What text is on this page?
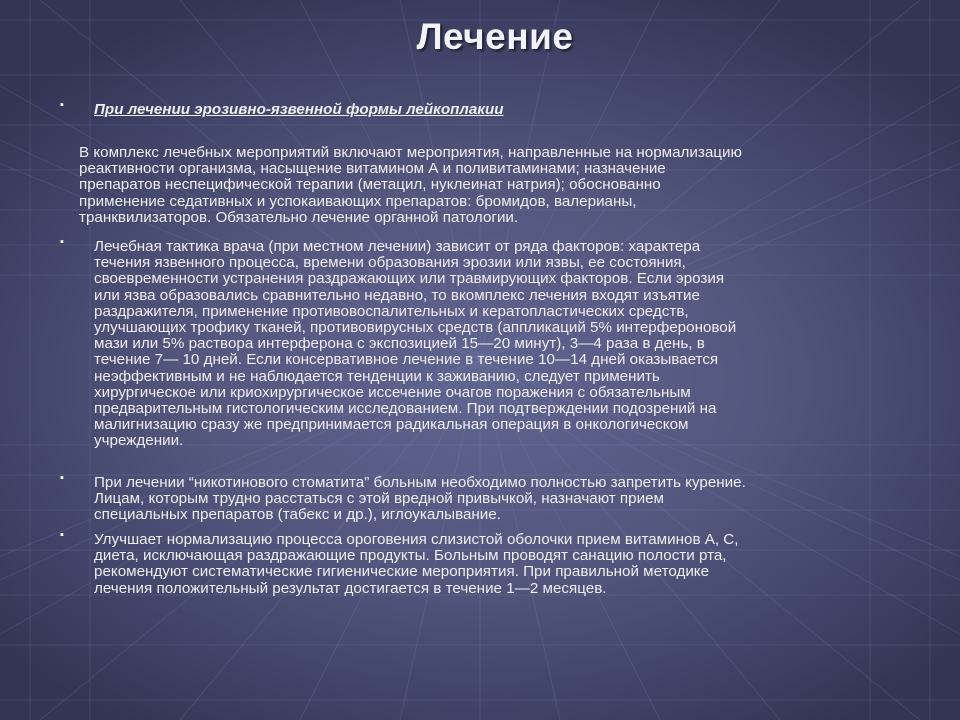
Лечение
▪ При лечении эрозивно-язвенной формы лейкоплакии
В комплекс лечебных мероприятий включают мероприятия, направленные на нормализацию
реактивности организма, насыщение витамином А и поливитаминами; назначение
препаратов неспецифической терапии (метацил, нуклеинат натрия); обоснованно
применение седативных и успокаивающих препаратов: бромидов, валерианы,
транквилизаторов. Обязательно лечение органной патологии.
▪ Лечебная тактика врача (при местном лечении) зависит от ряда факторов: характера
течения язвенного процесса, времени образования эрозии или язвы, ее состояния,
своевременности устранения раздражающих или травмирующих факторов. Если эрозия
или язва образовались сравнительно недавно, то вкомплекс лечения входят изъятие
раздражителя, применение противовоспалительных и кератопластических средств,
улучшающих трофику тканей, противовирусных средств (аппликаций 5% интерфероновой
мази или 5% раствора интерферона с экспозицией 15—20 минут), 3—4 раза в день, в
течение 7— 10 дней. Если консервативное лечение в течение 10—14 дней оказывается
неэффективным и не наблюдается тенденции к заживанию, следует применить
хирургическое или криохирургическое иссечение очагов поражения с обязательным
предварительным гистологическим исследованием. При подтверждении подозрений на
малигнизацию сразу же предпринимается радикальная операция в онкологическом
учреждении.
▪ При лечении “никотинового стоматита” больным необходимо полностью запретить курение.
Лицам, которым трудно расстаться с этой вредной привычкой, назначают прием
специальных препаратов (табекс и др.), иглоукалывание.
▪ Улучшает нормализацию процесса ороговения слизистой оболочки прием витаминов А, С,
диета, исключающая раздражающие продукты. Больным проводят санацию полости рта,
рекомендуют систематические гигиенические мероприятия. При правильной методике
лечения положительный результат достигается в течение 1—2 месяцев.
